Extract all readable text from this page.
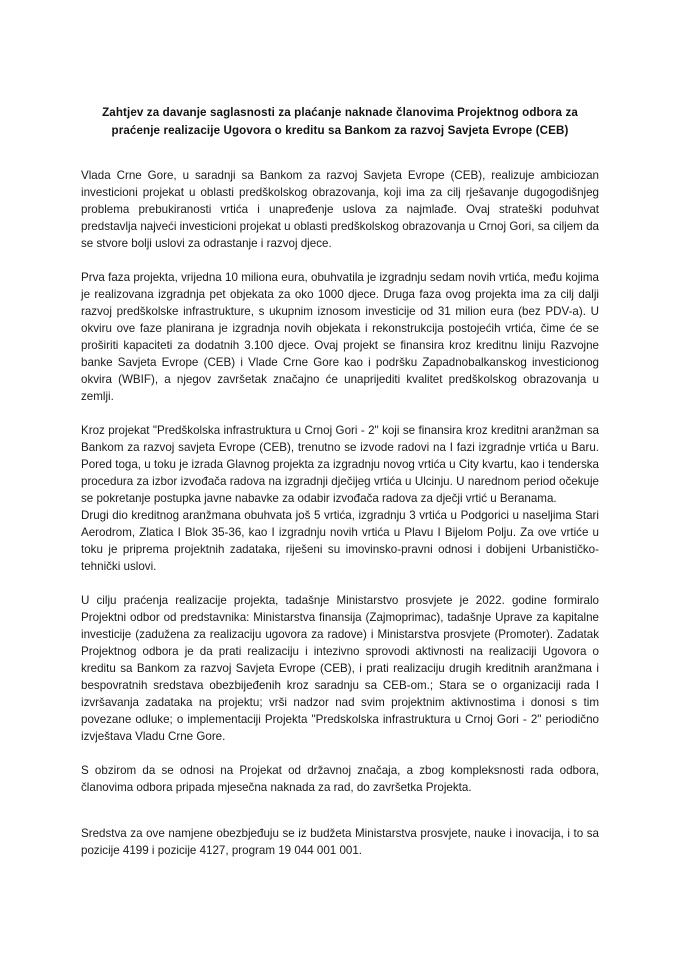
Zahtjev za davanje saglasnosti za plaćanje naknade članovima Projektnog odbora za praćenje realizacije Ugovora o kreditu sa Bankom za razvoj Savjeta Evrope (CEB)

Vlada Crne Gore, u saradnji sa Bankom za razvoj Savjeta Evrope (CEB), realizuje ambiciozan investicioni projekat u oblasti predškolskog obrazovanja, koji ima za cilj rješavanje dugogodišnjeg problema prebukiranosti vrtića i unapređenje uslova za najmlađe. Ovaj strateški poduhvat predstavlja najveći investicioni projekat u oblasti predškolskog obrazovanja u Crnoj Gori, sa ciljem da se stvore bolji uslovi za odrastanje i razvoj djece.

Prva faza projekta, vrijedna 10 miliona eura, obuhvatila je izgradnju sedam novih vrtića, među kojima je realizovana izgradnja pet objekata za oko 1000 djece. Druga faza ovog projekta ima za cilj dalji razvoj predškolske infrastrukture, s ukupnim iznosom investicije od 31 milion eura (bez PDV-a). U okviru ove faze planirana je izgradnja novih objekata i rekonstrukcija postojećih vrtića, čime će se proširiti kapaciteti za dodatnih 3.100 djece. Ovaj projekt se finansira kroz kreditnu liniju Razvojne banke Savjeta Evrope (CEB) i Vlade Crne Gore kao i podršku Zapadnobalkanskog investicionog okvira (WBIF), a njegov završetak značajno će unaprijediti kvalitet predškolskog obrazovanja u zemlji.

Kroz projekat "Predškolska infrastruktura u Crnoj Gori - 2" koji se finansira kroz kreditni aranžman sa Bankom za razvoj savjeta Evrope (CEB), trenutno se izvode radovi na I fazi izgradnje vrtića u Baru. Pored toga, u toku je izrada Glavnog projekta za izgradnju novog vrtića u City kvartu, kao i tenderska procedura za izbor izvođača radova na izgradnji dječijeg vrtića u Ulcinju. U narednom period očekuje se pokretanje postupka javne nabavke za odabir izvođača radova za dječji vrtić u Beranama.
Drugi dio kreditnog aranžmana obuhvata još 5 vrtića, izgradnju 3 vrtića u Podgorici u naseljima Stari Aerodrom, Zlatica I Blok 35-36, kao I izgradnju novih vrtića u Plavu I Bijelom Polju. Za ove vrtiće u toku je priprema projektnih zadataka, riješeni su imovinsko-pravni odnosi i dobijeni Urbanističko-tehnički uslovi.

U cilju praćenja realizacije projekta, tadašnje Ministarstvo prosvjete je 2022. godine formiralo Projektni odbor od predstavnika: Ministarstva finansija (Zajmoprimac), tadašnje Uprave za kapitalne investicije (zadužena za realizaciju ugovora za radove) i Ministarstva prosvjete (Promoter). Zadatak Projektnog odbora je da prati realizaciju i intezivno sprovodi aktivnosti na realizaciji Ugovora o kreditu sa Bankom za razvoj Savjeta Evrope (CEB), i prati realizaciju drugih kreditnih aranžmana i bespovratnih sredstava obezbijeđenih kroz saradnju sa CEB-om.; Stara se o organizaciji rada I izvršavanja zadataka na projektu; vrši nadzor nad svim projektnim aktivnostima i donosi s tim povezane odluke; o implementaciji Projekta "Predskolska infrastruktura u Crnoj Gori - 2" periodično izvještava Vladu Crne Gore.

S obzirom da se odnosi na Projekat od državnoj značaja, a zbog kompleksnosti rada odbora, članovima odbora pripada mjesečna naknada za rad, do završetka Projekta.

Sredstva za ove namjene obezbjeđuju se iz budžeta Ministarstva prosvjete, nauke i inovacija, i to sa pozicije 4199 i pozicije 4127, program 19 044 001 001.
